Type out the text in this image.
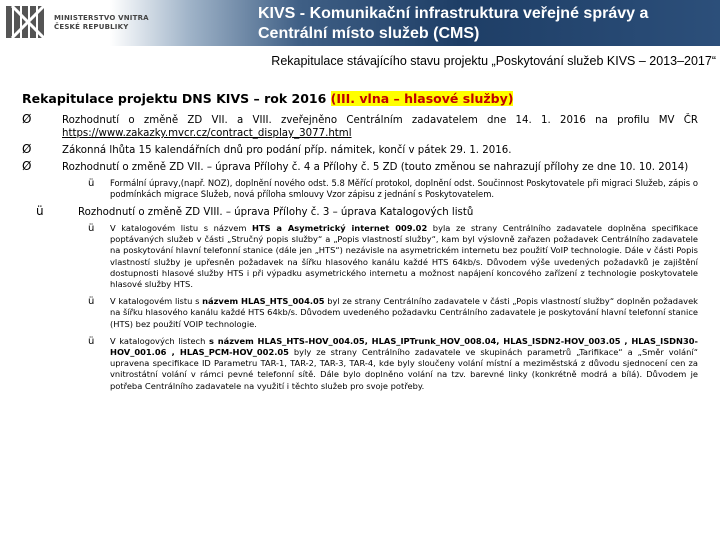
MINISTERSTVO VNITRA
ČESKÉ REPUBLIKY
KIVS - Komunikační infrastruktura veřejné správy a
Centrální místo služeb (CMS)
Rekapitulace stávajícího stavu projektu „Poskytování služeb KIVS – 2013–2017“
Rekapitulace projektu DNS KIVS – rok 2016 (III. vlna – hlasové služby)
Ø	Rozhodnutí o změně ZD VII. a VIII. zveřejněno Centrálním zadavatelem dne 14. 1. 2016 na profilu MV ČR https://www.zakazky.mvcr.cz/contract_display_3077.html
Ø	Zákonná lhůta 15 kalendářních dnů pro podání příp. námitek, končí v pátek 29. 1. 2016.
Ø	Rozhodnutí o změně ZD VII. – úprava Přílohy č. 4 a Přílohy č. 5 ZD (touto změnou se nahrazují přílohy ze dne 10. 10. 2014)
ü Formální úpravy,(např. NOZ), doplnění nového odst. 5.8 Měřící protokol, doplnění odst. Součinnost Poskytovatele při migraci Služeb, zápis o podmínkách migrace Služeb, nová příloha smlouvy Vzor zápisu z jednání s Poskytovatelem.
ü	Rozhodnutí o změně ZD VIII. – úprava Přílohy č. 3 – úprava Katalogových listů
ü V katalogovém listu s názvem HTS a Asymetrický internet 009.02 byla ze strany Centrálního zadavatele doplněna specifikace poptávaných služeb v části „Stručný popis služby“ a „Popis vlastností služby“, kam byl výslovně zařazen požadavek Centrálního zadavatele na poskytování hlavní telefonní stanice (dále jen „HTS“) nezávisle na asymetrickém internetu bez použití VoIP technologie. Dále v části Popis vlastností služby je upřesněn požadavek na šířku hlasového kanálu každé HTS 64kb/s. Důvodem výše uvedených požadavků je zajištění dostupnosti hlasové služby HTS i při výpadku asymetrického internetu a možnost napájení koncového zařízení z technologie poskytovatele hlasové služby HTS.
ü V katalogovém listu s názvem HLAS_HTS_004.05 byl ze strany Centrálního zadavatele v části „Popis vlastností služby“ doplněn požadavek na šířku hlasového kanálu každé HTS 64kb/s. Důvodem uvedeného požadavku Centrálního zadavatele je poskytování hlavní telefonní stanice (HTS) bez použití VOIP technologie.
ü V katalogových listech s názvem HLAS_HTS-HOV_004.05, HLAS_IPTrunk_HOV_008.04, HLAS_ISDN2-HOV_003.05 , HLAS_ISDN30-HOV_001.06 , HLAS_PCM-HOV_002.05 byly ze strany Centrálního zadavatele ve skupinách parametrů „Tarifikace“ a „Směr volání“ upravena specifikace ID Parametru TAR-1, TAR-2, TAR-3, TAR-4, kde byly sloučeny volání místní a meziměstská z důvodu sjednocení cen za vnitrostátní volání v rámci pevné telefonní sítě. Dále bylo doplněno volání na tzv. barevné linky (konkrétně modrá a bílá). Důvodem je potřeba Centrálního zadavatele na využití i těchto služeb pro svoje potřeby.
